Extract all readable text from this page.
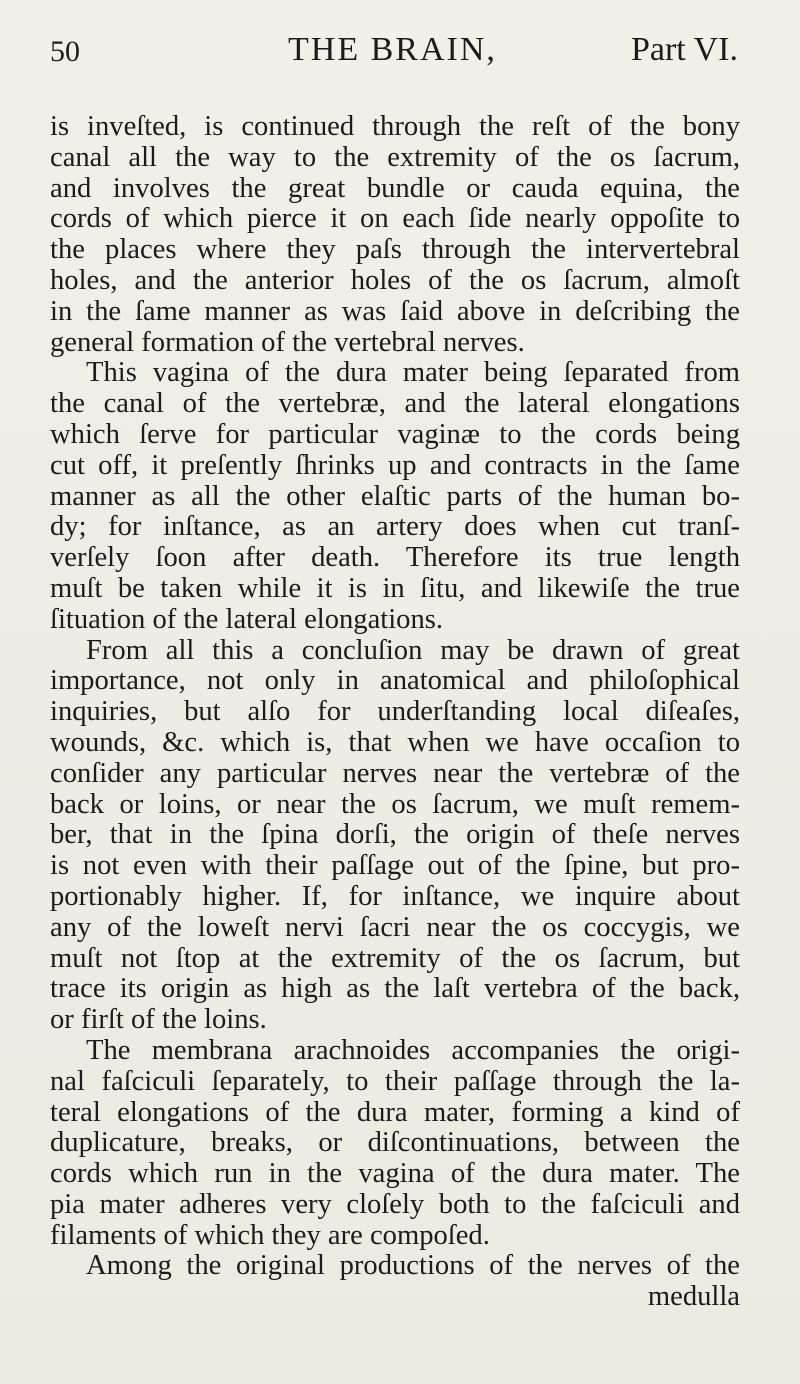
50	THE BRAIN,	Part VI.
is inveſted, is continued through the reſt of the bony
canal all the way to the extremity of the os ſacrum,
and involves the great bundle or cauda equina, the
cords of which pierce it on each ſide nearly oppoſite to
the places where they paſs through the intervertebral
holes, and the anterior holes of the os ſacrum, almoſt
in the ſame manner as was ſaid above in deſcribing the
general formation of the vertebral nerves.
This vagina of the dura mater being ſeparated from
the canal of the vertebræ, and the lateral elongations
which ſerve for particular vaginæ to the cords being
cut off, it preſently ſhrinks up and contracts in the ſame
manner as all the other elaſtic parts of the human bo-
dy; for inſtance, as an artery does when cut tranſ-
verſely ſoon after death. Therefore its true length
muſt be taken while it is in ſitu, and likewiſe the true
ſituation of the lateral elongations.
From all this a concluſion may be drawn of great
importance, not only in anatomical and philoſophical
inquiries, but alſo for underſtanding local diſeaſes,
wounds, &c. which is, that when we have occaſion to
conſider any particular nerves near the vertebræ of the
back or loins, or near the os ſacrum, we muſt remem-
ber, that in the ſpina dorſi, the origin of theſe nerves
is not even with their paſſage out of the ſpine, but pro-
portionably higher. If, for inſtance, we inquire about
any of the loweſt nervi ſacri near the os coccygis, we
muſt not ſtop at the extremity of the os ſacrum, but
trace its origin as high as the laſt vertebra of the back,
or firſt of the loins.
The membrana arachnoides accompanies the origi-
nal faſciculi ſeparately, to their paſſage through the la-
teral elongations of the dura mater, forming a kind of
duplicature, breaks, or diſcontinuations, between the
cords which run in the vagina of the dura mater. The
pia mater adheres very cloſely both to the faſciculi and
filaments of which they are compoſed.
Among the original productions of the nerves of the
medulla
